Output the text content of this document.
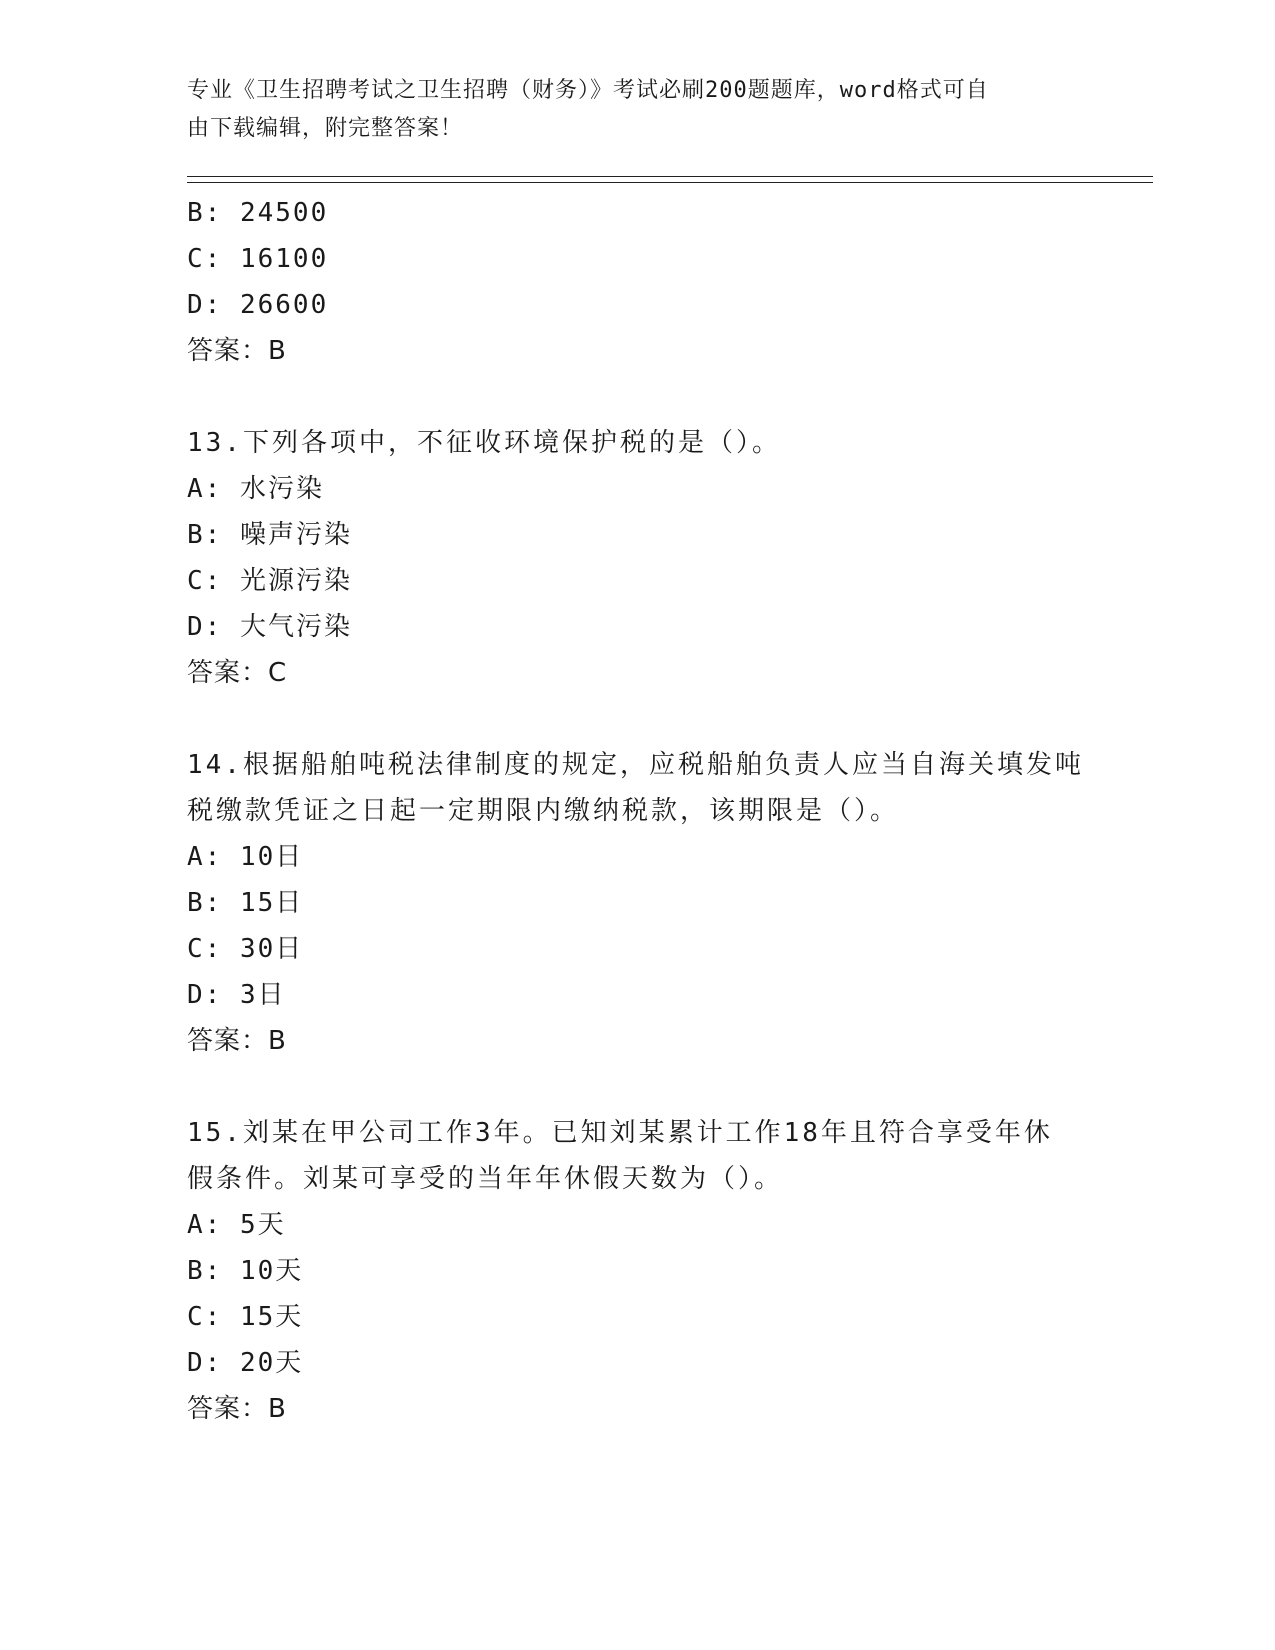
专业《卫生招聘考试之卫生招聘（财务）》考试必刷200题题库，word格式可自
由下载编辑，附完整答案！
B: 24500
C: 16100
D: 26600
答案：B
13.下列各项中，不征收环境保护税的是（）。
A: 水污染
B: 噪声污染
C: 光源污染
D: 大气污染
答案：C
14.根据船舶吨税法律制度的规定，应税船舶负责人应当自海关填发吨
税缴款凭证之日起一定期限内缴纳税款，该期限是（）。
A: 10日
B: 15日
C: 30日
D: 3日
答案：B
15.刘某在甲公司工作3年。已知刘某累计工作18年且符合享受年休
假条件。刘某可享受的当年年休假天数为（）。
A: 5天
B: 10天
C: 15天
D: 20天
答案：B
